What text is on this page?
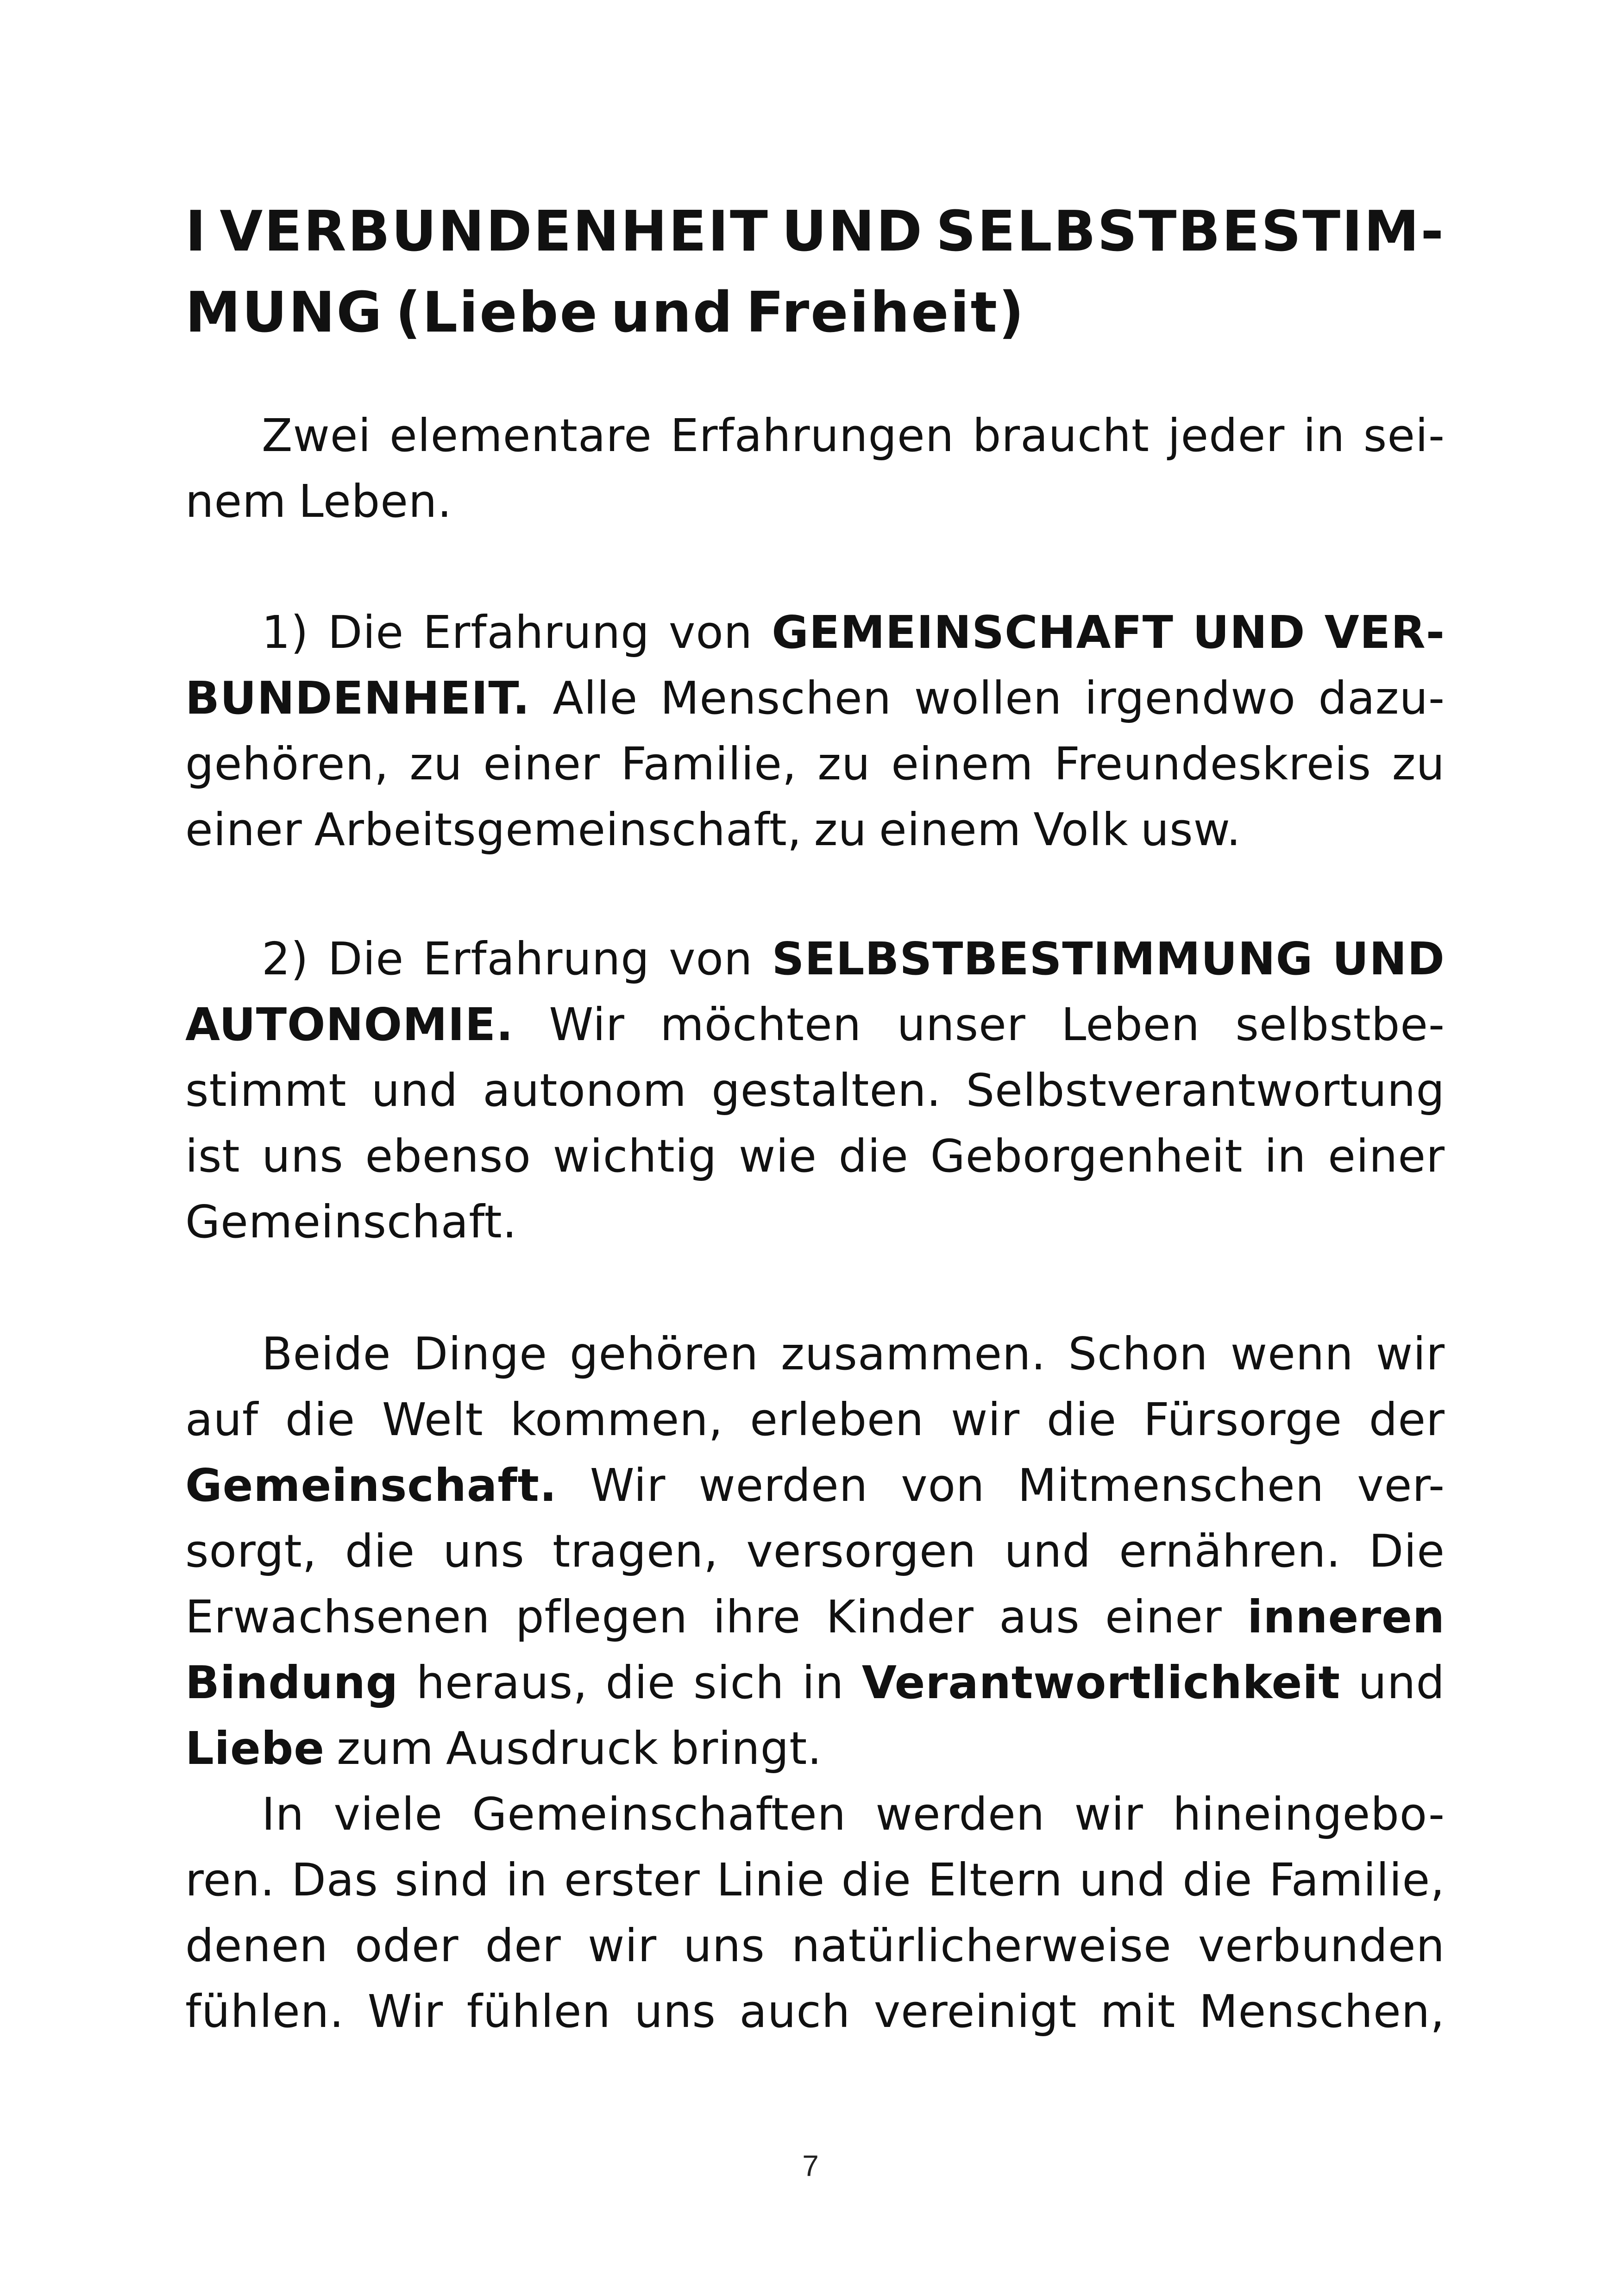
I VERBUNDENHEIT UND SELBSTBESTIM-
MUNG (Liebe und Freiheit)
Zwei elementare Erfahrungen braucht jeder in sei-
nem Leben.
1) Die Erfahrung von GEMEINSCHAFT UND VER-
BUNDENHEIT. Alle Menschen wollen irgendwo dazu-
gehören, zu einer Familie, zu einem Freundeskreis zu
einer Arbeitsgemeinschaft, zu einem Volk usw.
2) Die Erfahrung von SELBSTBESTIMMUNG UND
AUTONOMIE. Wir möchten unser Leben selbstbe-
stimmt und autonom gestalten. Selbstverantwortung
ist uns ebenso wichtig wie die Geborgenheit in einer
Gemeinschaft.
Beide Dinge gehören zusammen. Schon wenn wir
auf die Welt kommen, erleben wir die Fürsorge der
Gemeinschaft. Wir werden von Mitmenschen ver-
sorgt, die uns tragen, versorgen und ernähren. Die
Erwachsenen pflegen ihre Kinder aus einer inneren
Bindung heraus, die sich in Verantwortlichkeit und
Liebe zum Ausdruck bringt.
In viele Gemeinschaften werden wir hineingebo-
ren. Das sind in erster Linie die Eltern und die Familie,
denen oder der wir uns natürlicherweise verbunden
fühlen. Wir fühlen uns auch vereinigt mit Menschen,
7
